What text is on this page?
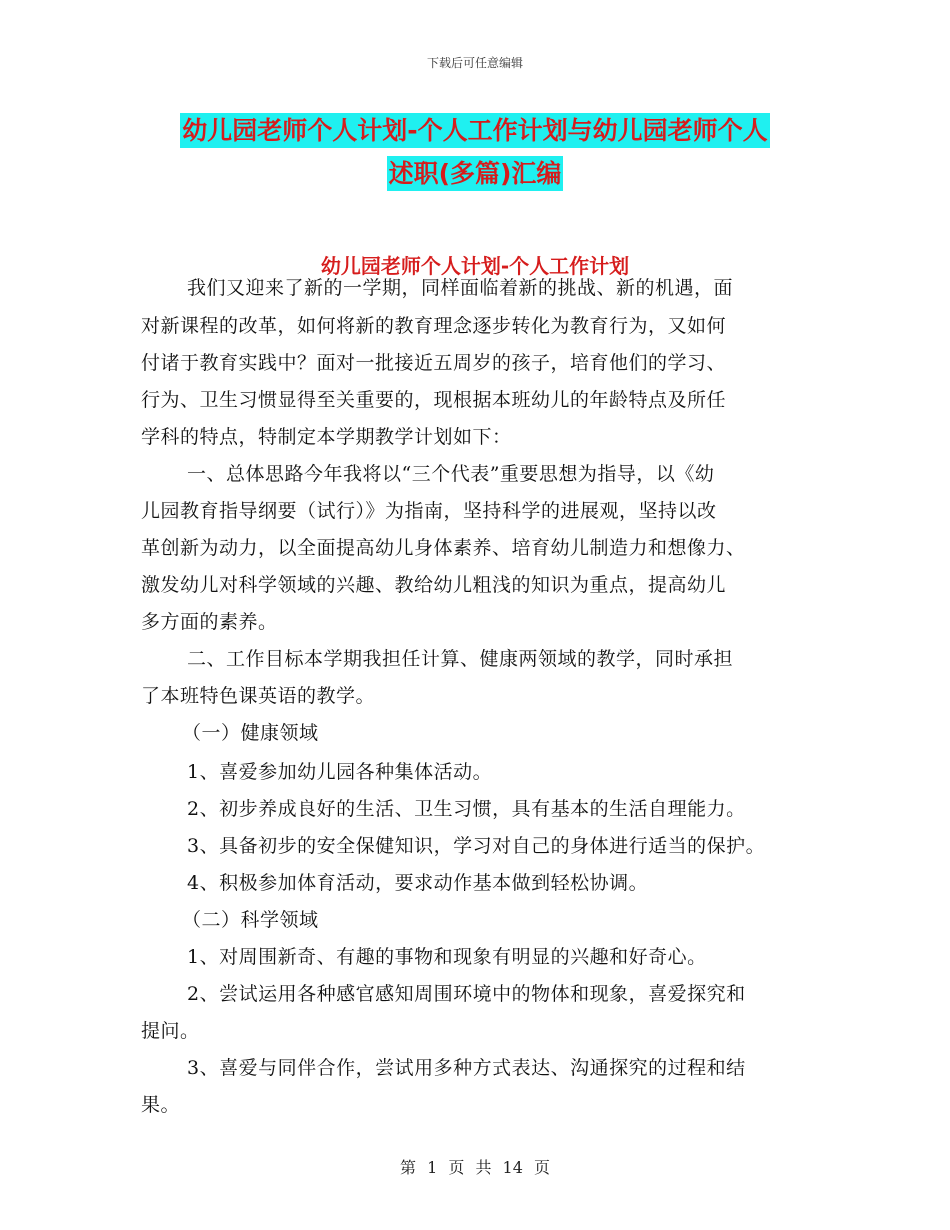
下载后可任意编辑
幼儿园老师个人计划-个人工作计划与幼儿园老师个人
述职(多篇)汇编
幼儿园老师个人计划-个人工作计划
我们又迎来了新的一学期，同样面临着新的挑战、新的机遇，面
对新课程的改革，如何将新的教育理念逐步转化为教育行为，又如何
付诸于教育实践中？面对一批接近五周岁的孩子，培育他们的学习、
行为、卫生习惯显得至关重要的，现根据本班幼儿的年龄特点及所任
学科的特点，特制定本学期教学计划如下：
一、总体思路今年我将以“三个代表”重要思想为指导，以《幼
儿园教育指导纲要（试行）》为指南，坚持科学的进展观，坚持以改
革创新为动力，以全面提高幼儿身体素养、培育幼儿制造力和想像力、
激发幼儿对科学领域的兴趣、教给幼儿粗浅的知识为重点，提高幼儿
多方面的素养。
二、工作目标本学期我担任计算、健康两领域的教学，同时承担
了本班特色课英语的教学。
（一）健康领域
1、喜爱参加幼儿园各种集体活动。
2、初步养成良好的生活、卫生习惯，具有基本的生活自理能力。
3、具备初步的安全保健知识，学习对自己的身体进行适当的保护。
4、积极参加体育活动，要求动作基本做到轻松协调。
（二）科学领域
1、对周围新奇、有趣的事物和现象有明显的兴趣和好奇心。
2、尝试运用各种感官感知周围环境中的物体和现象，喜爱探究和
提问。
3、喜爱与同伴合作，尝试用多种方式表达、沟通探究的过程和结
果。
第 1 页 共 14 页
